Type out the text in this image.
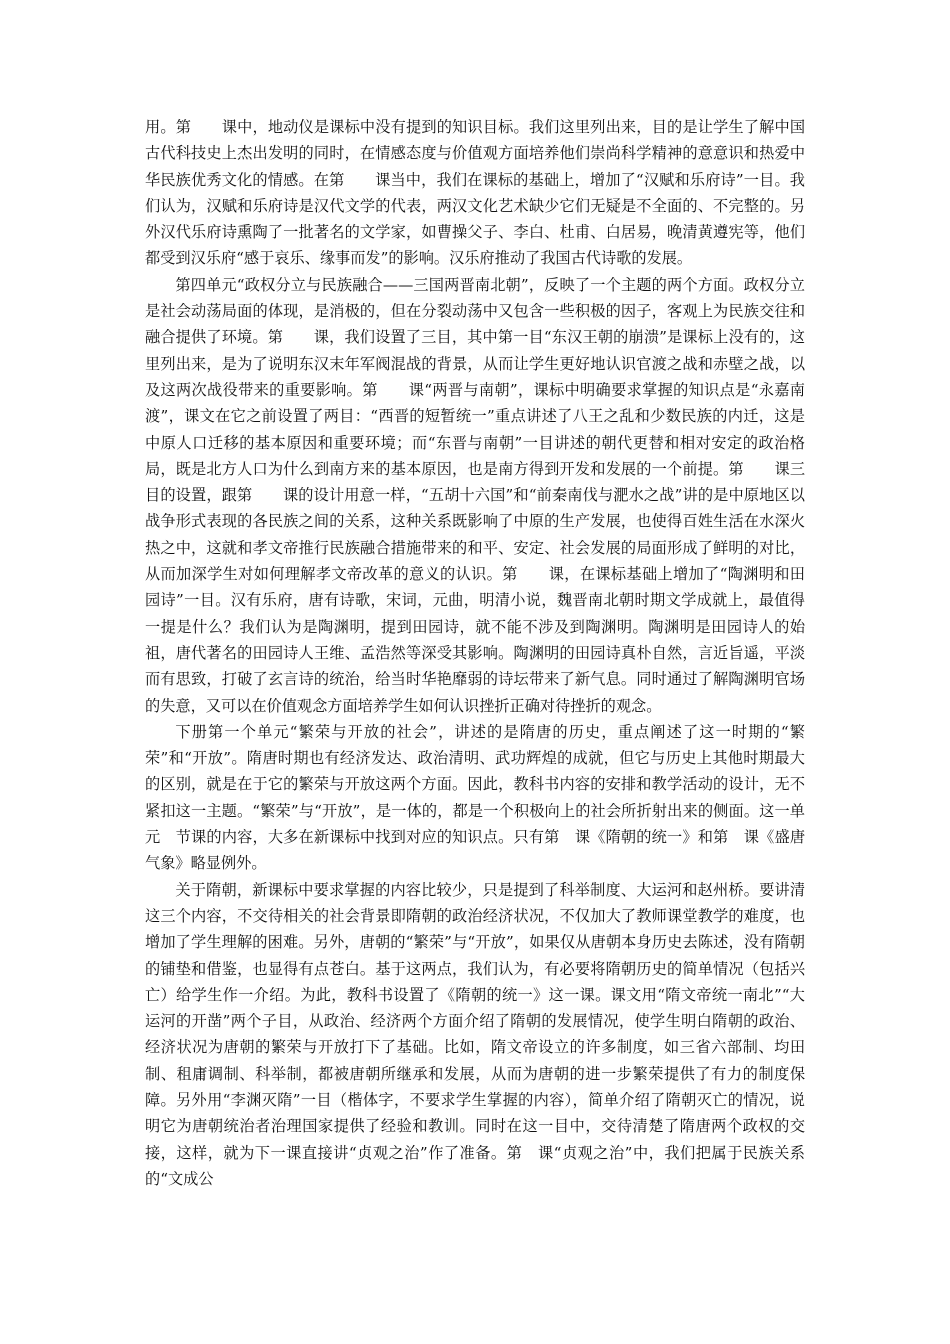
用。第　　课中，地动仪是课标中没有提到的知识目标。我们这里列出来，目的是让学生了解中国古代科技史上杰出发明的同时，在情感态度与价值观方面培养他们崇尚科学精神的意意识和热爱中华民族优秀文化的情感。在第　　课当中，我们在课标的基础上，增加了“汉赋和乐府诗”一目。我们认为，汉赋和乐府诗是汉代文学的代表，两汉文化艺术缺少它们无疑是不全面的、不完整的。另外汉代乐府诗熏陶了一批著名的文学家，如曹操父子、李白、杜甫、白居易，晚清黄遵宪等，他们都受到汉乐府“感于哀乐、缘事而发”的影响。汉乐府推动了我国古代诗歌的发展。

第四单元“政权分立与民族融合——三国两晋南北朝”，反映了一个主题的两个方面。政权分立是社会动荡局面的体现，是消极的，但在分裂动荡中又包含一些积极的因子，客观上为民族交往和融合提供了环境。第　　课，我们设置了三目，其中第一目“东汉王朝的崩溃”是课标上没有的，这里列出来，是为了说明东汉末年军阀混战的背景，从而让学生更好地认识官渡之战和赤壁之战，以及这两次战役带来的重要影响。第　　课“两晋与南朝”，课标中明确要求掌握的知识点是“永嘉南渡”，课文在它之前设置了两目：“西晋的短暂统一”重点讲述了八王之乱和少数民族的内迁，这是中原人口迁移的基本原因和重要环境；而“东晋与南朝”一目讲述的朝代更替和相对安定的政治格局，既是北方人口为什么到南方来的基本原因，也是南方得到开发和发展的一个前提。第　　课三目的设置，跟第　　课的设计用意一样，“五胡十六国”和“前秦南伐与淝水之战”讲的是中原地区以战争形式表现的各民族之间的关系，这种关系既影响了中原的生产发展，也使得百姓生活在水深火热之中，这就和孝文帝推行民族融合措施带来的和平、安定、社会发展的局面形成了鲜明的对比，从而加深学生对如何理解孝文帝改革的意义的认识。第　　课，在课标基础上增加了“陶渊明和田园诗”一目。汉有乐府，唐有诗歌，宋词，元曲，明清小说，魏晋南北朝时期文学成就上，最值得一提是什么？我们认为是陶渊明，提到田园诗，就不能不涉及到陶渊明。陶渊明是田园诗人的始祖，唐代著名的田园诗人王维、孟浩然等深受其影响。陶渊明的田园诗真朴自然，言近旨遥，平淡而有思致，打破了玄言诗的统治，给当时华艳靡弱的诗坛带来了新气息。同时通过了解陶渊明官场的失意，又可以在价值观念方面培养学生如何认识挫折正确对待挫折的观念。

下册第一个单元“繁荣与开放的社会”，讲述的是隋唐的历史，重点阐述了这一时期的“繁荣”和“开放”。隋唐时期也有经济发达、政治清明、武功辉煌的成就，但它与历史上其他时期最大的区别，就是在于它的繁荣与开放这两个方面。因此，教科书内容的安排和教学活动的设计，无不紧扣这一主题。“繁荣”与“开放”，是一体的，都是一个积极向上的社会所折射出来的侧面。这一单元　节课的内容，大多在新课标中找到对应的知识点。只有第　课《隋朝的统一》和第　课《盛唐气象》略显例外。

关于隋朝，新课标中要求掌握的内容比较少，只是提到了科举制度、大运河和赵州桥。要讲清这三个内容，不交待相关的社会背景即隋朝的政治经济状况，不仅加大了教师课堂教学的难度，也增加了学生理解的困难。另外，唐朝的“繁荣”与“开放”，如果仅从唐朝本身历史去陈述，没有隋朝的铺垫和借鉴，也显得有点苍白。基于这两点，我们认为，有必要将隋朝历史的简单情况（包括兴亡）给学生作一介绍。为此，教科书设置了《隋朝的统一》这一课。课文用“隋文帝统一南北”“大运河的开凿”两个子目，从政治、经济两个方面介绍了隋朝的发展情况，使学生明白隋朝的政治、经济状况为唐朝的繁荣与开放打下了基础。比如，隋文帝设立的许多制度，如三省六部制、均田制、租庸调制、科举制，都被唐朝所继承和发展，从而为唐朝的进一步繁荣提供了有力的制度保障。另外用“李渊灭隋”一目（楷体字，不要求学生掌握的内容），简单介绍了隋朝灭亡的情况，说明它为唐朝统治者治理国家提供了经验和教训。同时在这一目中，交待清楚了隋唐两个政权的交接，这样，就为下一课直接讲“贞观之治”作了准备。第　课“贞观之治”中，我们把属于民族关系的“文成公
